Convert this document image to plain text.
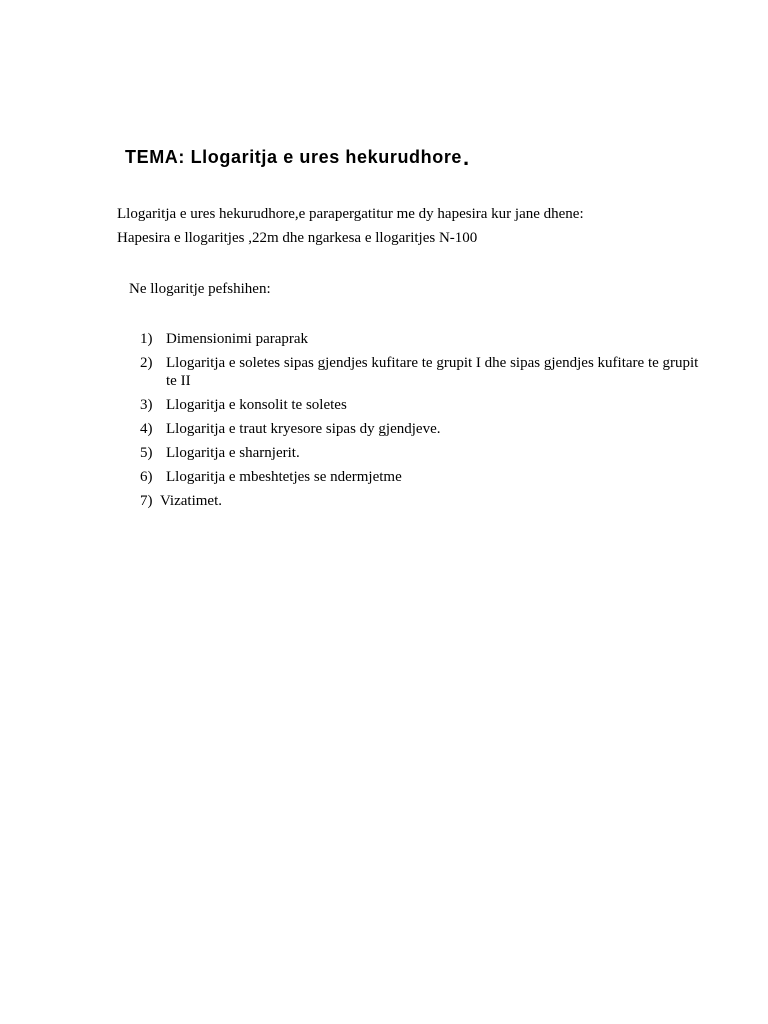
TEMA: Llogaritja e ures hekurudhore.
Llogaritja e ures hekurudhore,e parapergatitur me dy hapesira kur jane dhene:
Hapesira e llogaritjes ,22m dhe ngarkesa e llogaritjes N-100
Ne llogaritje pefshihen:
1) Dimensionimi paraprak
2) Llogaritja e soletes sipas gjendjes kufitare te grupit I dhe sipas gjendjes kufitare te grupit te II
3) Llogaritja e konsolit te soletes
4) Llogaritja e traut kryesore sipas dy gjendjeve.
5) Llogaritja e sharnjerit.
6) Llogaritja e mbeshtetjes se ndermjetme
7) Vizatimet.
